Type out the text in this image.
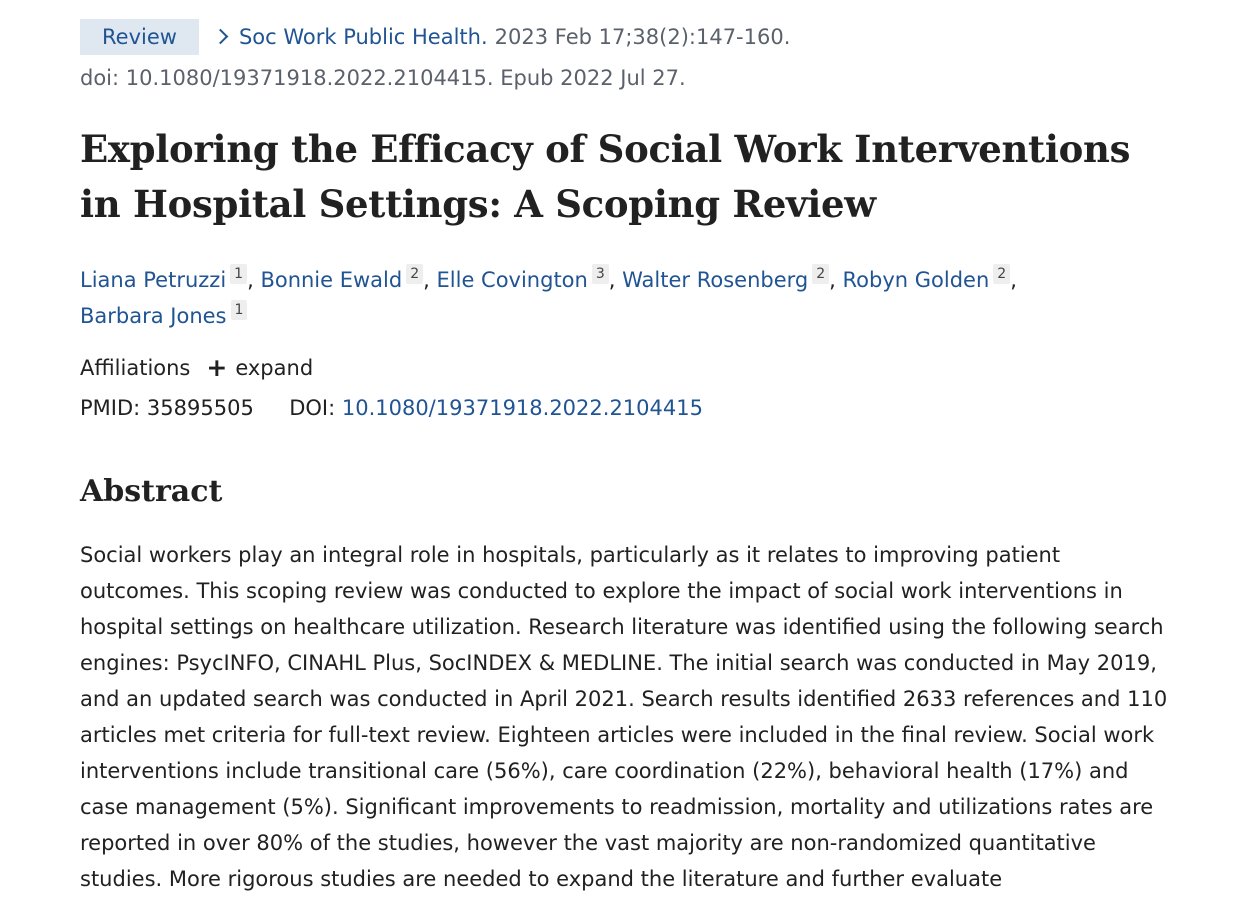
Review	Soc Work Public Health. 2023 Feb 17;38(2):147-160.
doi: 10.1080/19371918.2022.2104415. Epub 2022 Jul 27.
Exploring the Efficacy of Social Work Interventions in Hospital Settings: A Scoping Review
Liana Petruzzi 1 , Bonnie Ewald 2 , Elle Covington 3 , Walter Rosenberg 2 , Robyn Golden 2 ,
Barbara Jones 1
Affiliations + expand
PMID: 35895505 DOI: 10.1080/19371918.2022.2104415
Abstract

Social workers play an integral role in hospitals, particularly as it relates to improving patient outcomes. This scoping review was conducted to explore the impact of social work interventions in hospital settings on healthcare utilization. Research literature was identified using the following search engines: PsycINFO, CINAHL Plus, SocINDEX & MEDLINE. The initial search was conducted in May 2019, and an updated search was conducted in April 2021. Search results identified 2633 references and 110 articles met criteria for full-text review. Eighteen articles were included in the final review. Social work interventions include transitional care (56%), care coordination (22%), behavioral health (17%) and case management (5%). Significant improvements to readmission, mortality and utilizations rates are reported in over 80% of the studies, however the vast majority are non-randomized quantitative studies. More rigorous studies are needed to expand the literature and further evaluate
